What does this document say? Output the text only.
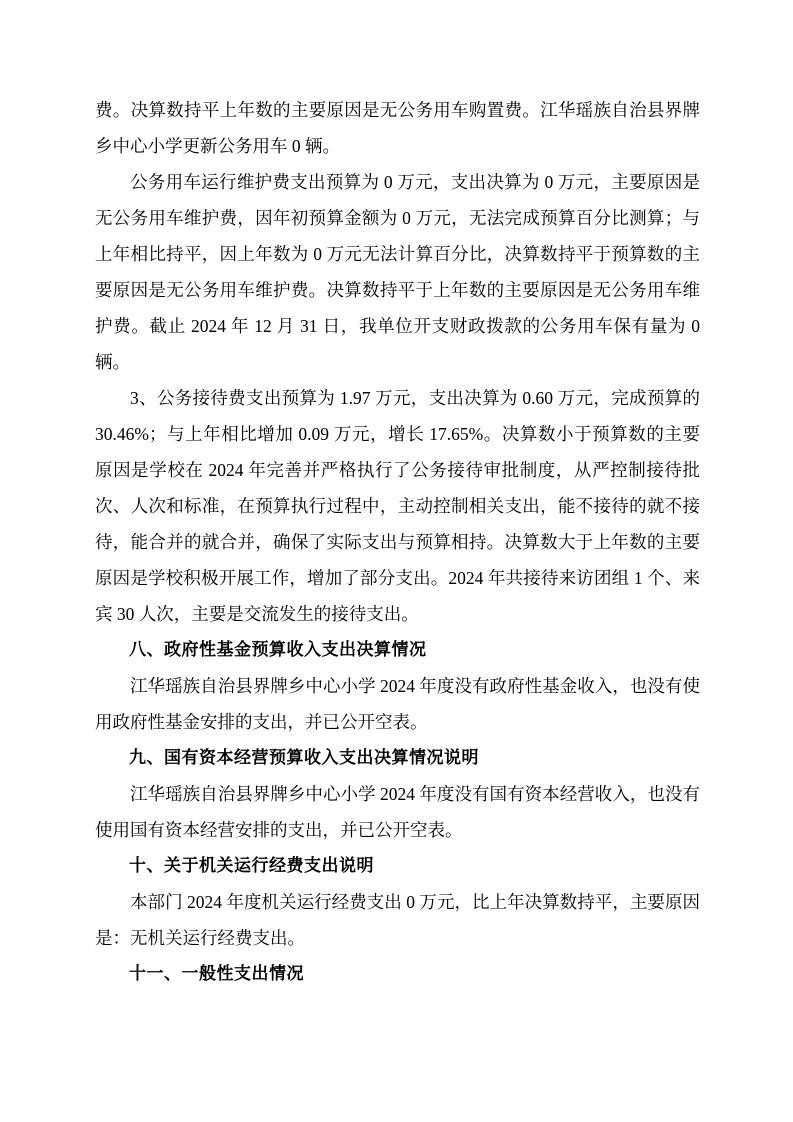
费。决算数持平上年数的主要原因是无公务用车购置费。江华瑶族自治县界牌乡中心小学更新公务用车 0 辆。

公务用车运行维护费支出预算为 0 万元，支出决算为 0 万元，主要原因是无公务用车维护费，因年初预算金额为 0 万元，无法完成预算百分比测算；与上年相比持平，因上年数为 0 万元无法计算百分比，决算数持平于预算数的主要原因是无公务用车维护费。决算数持平于上年数的主要原因是无公务用车维护费。截止 2024 年 12 月 31 日，我单位开支财政拨款的公务用车保有量为 0 辆。

3、公务接待费支出预算为 1.97 万元，支出决算为 0.60 万元，完成预算的 30.46%；与上年相比增加 0.09 万元，增长 17.65%。决算数小于预算数的主要原因是学校在 2024 年完善并严格执行了公务接待审批制度，从严控制接待批次、人次和标准，在预算执行过程中，主动控制相关支出，能不接待的就不接待，能合并的就合并，确保了实际支出与预算相持。决算数大于上年数的主要原因是学校积极开展工作，增加了部分支出。2024 年共接待来访团组 1 个、来宾 30 人次，主要是交流发生的接待支出。

八、政府性基金预算收入支出决算情况

江华瑶族自治县界牌乡中心小学 2024 年度没有政府性基金收入，也没有使用政府性基金安排的支出，并已公开空表。

九、国有资本经营预算收入支出决算情况说明

江华瑶族自治县界牌乡中心小学 2024 年度没有国有资本经营收入，也没有使用国有资本经营安排的支出，并已公开空表。

十、关于机关运行经费支出说明

本部门 2024 年度机关运行经费支出 0 万元，比上年决算数持平，主要原因是：无机关运行经费支出。

十一、一般性支出情况
